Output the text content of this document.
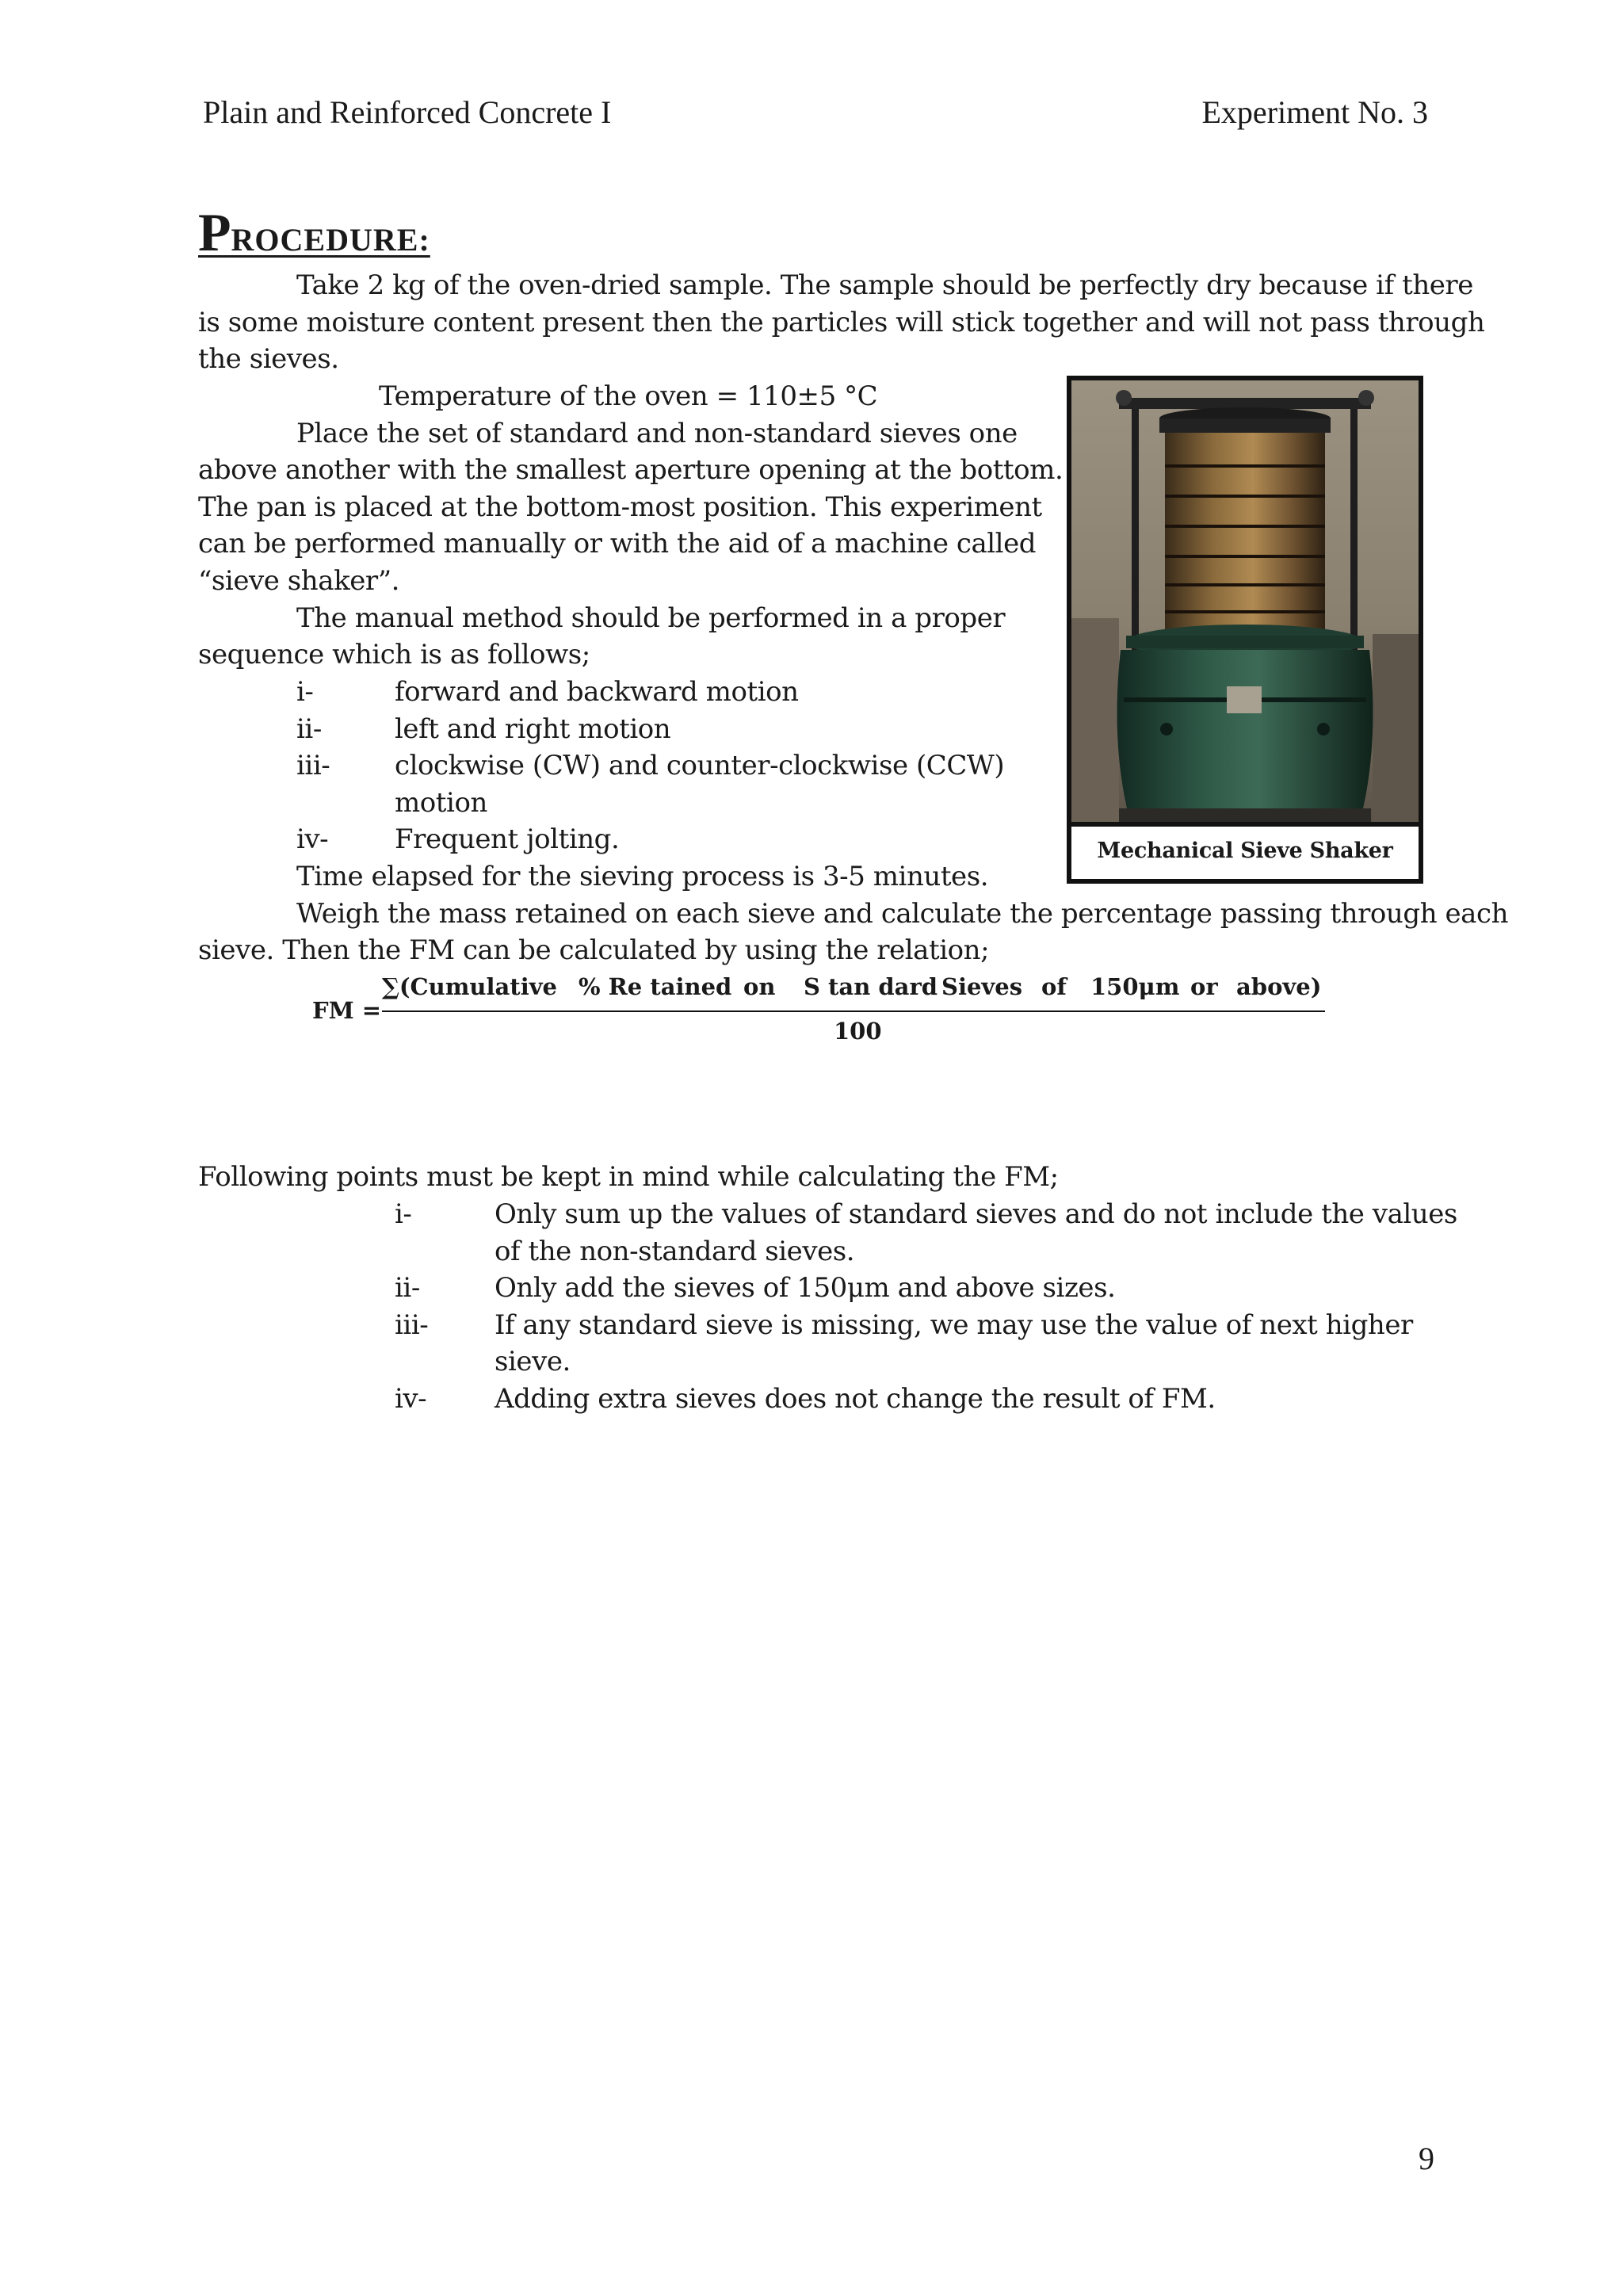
Plain and Reinforced Concrete I	Experiment No. 3
PROCEDURE:
Take 2 kg of the oven-dried sample. The sample should be perfectly dry because if there
is some moisture content present then the particles will stick together and will not pass through
the sieves.
Temperature of the oven = 110±5 °C
Place the set of standard and non-standard sieves one
above another with the smallest aperture opening at the bottom.
The pan is placed at the bottom-most position. This experiment
can be performed manually or with the aid of a machine called
“sieve shaker”.
The manual method should be performed in a proper
sequence which is as follows;
i-	forward and backward motion
ii-	left and right motion
iii- clockwise (CW) and counter-clockwise (CCW)
motion
iv- Frequent jolting.	Mechanical Sieve Shaker
Time elapsed for the sieving process is 3-5 minutes.
Weigh the mass retained on each sieve and calculate the percentage passing through each
sieve. Then the FM can be calculated by using the relation;
FM =
∑(Cumulative % Re tained on S tan dard Sieves of 150μm or above)
100
Following points must be kept in mind while calculating the FM;
i-	Only sum up the values of standard sieves and do not include the values
of the non-standard sieves.
ii-	Only add the sieves of 150μm and above sizes.
iii- If any standard sieve is missing, we may use the value of next higher
sieve.
iv-	Adding extra sieves does not change the result of FM.
9
